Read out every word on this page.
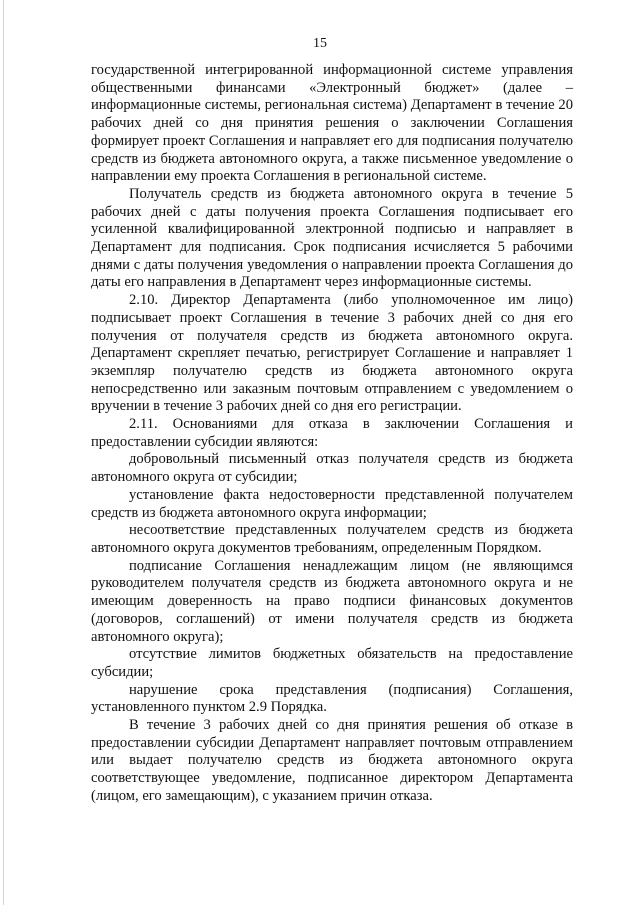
15

государственной интегрированной информационной системе управления общественными финансами «Электронный бюджет» (далее – информационные системы, региональная система) Департамент в течение 20 рабочих дней со дня принятия решения о заключении Соглашения формирует проект Соглашения и направляет его для подписания получателю средств из бюджета автономного округа, а также письменное уведомление о направлении ему проекта Соглашения в региональной системе.

Получатель средств из бюджета автономного округа в течение 5 рабочих дней с даты получения проекта Соглашения подписывает его усиленной квалифицированной электронной подписью и направляет в Департамент для подписания. Срок подписания исчисляется 5 рабочими днями с даты получения уведомления о направлении проекта Соглашения до даты его направления в Департамент через информационные системы.

2.10. Директор Департамента (либо уполномоченное им лицо) подписывает проект Соглашения в течение 3 рабочих дней со дня его получения от получателя средств из бюджета автономного округа. Департамент скрепляет печатью, регистрирует Соглашение и направляет 1 экземпляр получателю средств из бюджета автономного округа непосредственно или заказным почтовым отправлением с уведомлением о вручении в течение 3 рабочих дней со дня его регистрации.

2.11. Основаниями для отказа в заключении Соглашения и предоставлении субсидии являются:

добровольный письменный отказ получателя средств из бюджета автономного округа от субсидии;

установление факта недостоверности представленной получателем средств из бюджета автономного округа информации;

несоответствие представленных получателем средств из бюджета автономного округа документов требованиям, определенным Порядком.

подписание Соглашения ненадлежащим лицом (не являющимся руководителем получателя средств из бюджета автономного округа и не имеющим доверенность на право подписи финансовых документов (договоров, соглашений) от имени получателя средств из бюджета автономного округа);

отсутствие лимитов бюджетных обязательств на предоставление субсидии;

нарушение срока представления (подписания) Соглашения, установленного пунктом 2.9 Порядка.

В течение 3 рабочих дней со дня принятия решения об отказе в предоставлении субсидии Департамент направляет почтовым отправлением или выдает получателю средств из бюджета автономного округа соответствующее уведомление, подписанное директором Департамента (лицом, его замещающим), с указанием причин отказа.
